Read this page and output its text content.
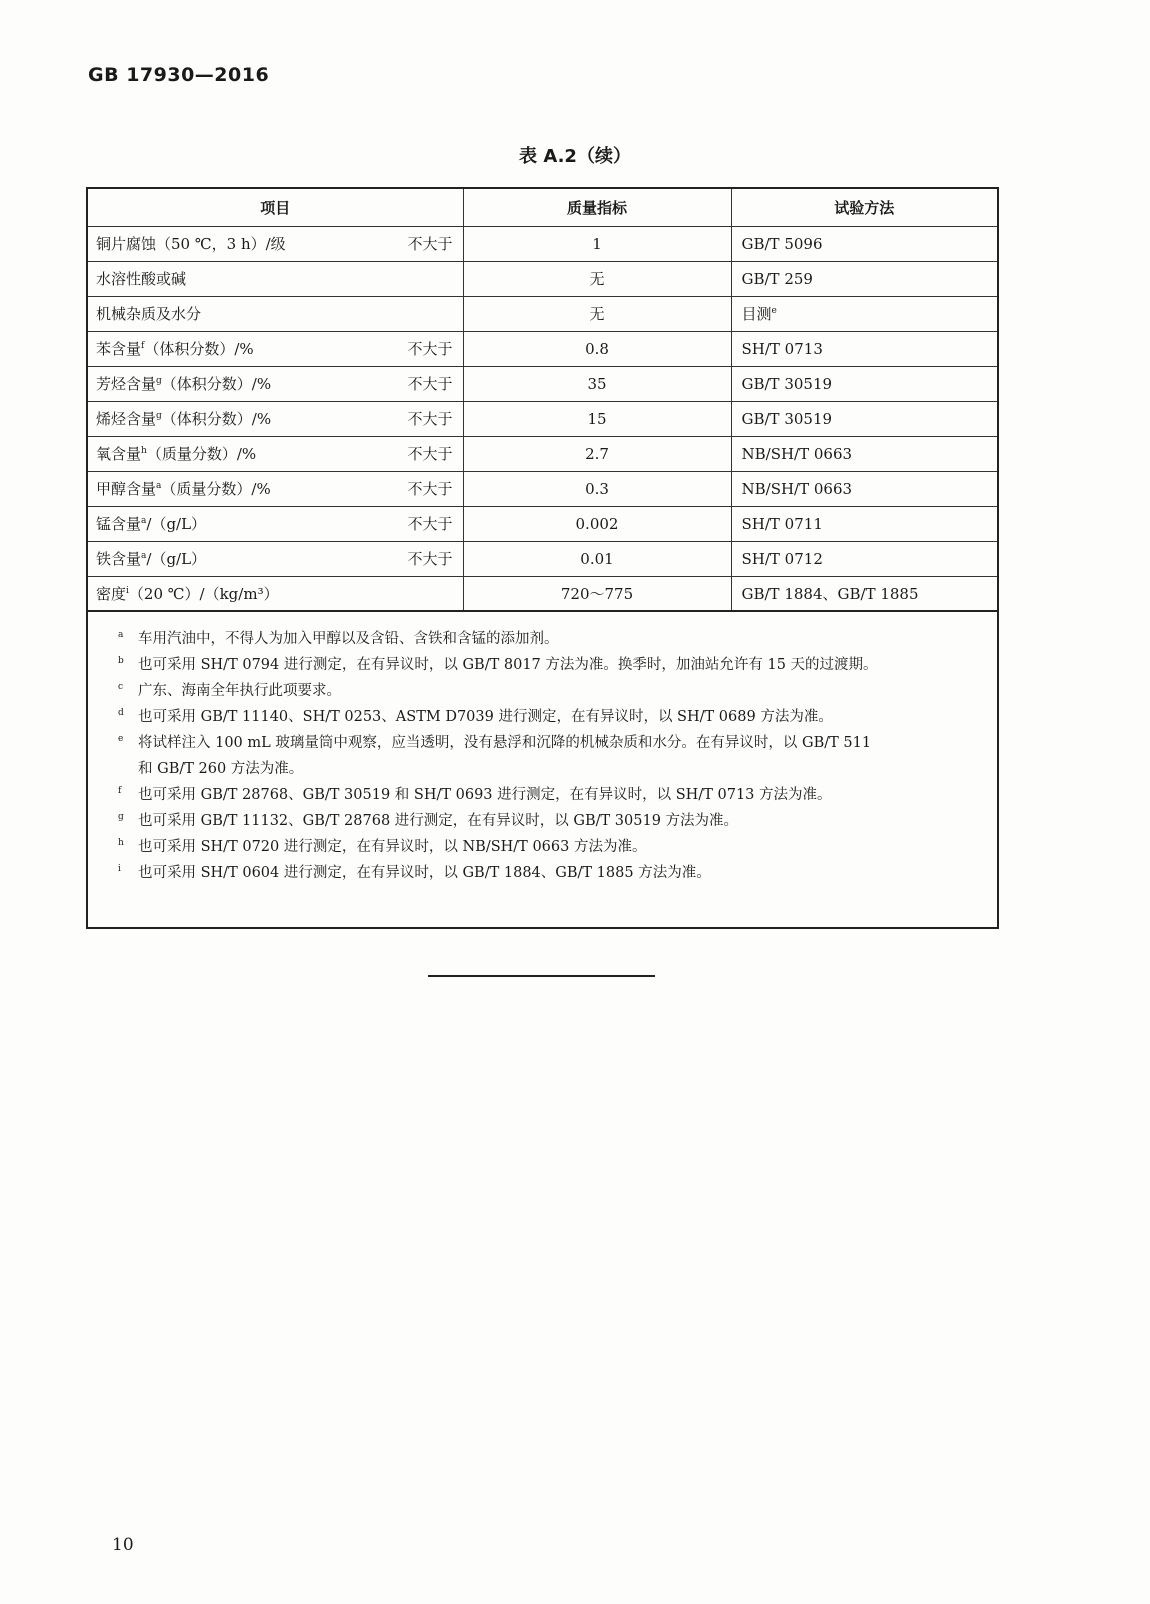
GB 17930—2016
表 A.2（续）
项目	质量指标	试验方法

铜片腐蚀（50 ℃，3 h）/级 不大于	1	GB/T 5096

水溶性酸或碱	无	GB/T 259

机械杂质及水分	无	目测$^e$

苯含量$^f$（体积分数）/% 不大于	0.8	SH/T 0713

芳烃含量$^g$（体积分数）/% 不大于	35	GB/T 30519

烯烃含量$^g$（体积分数）/% 不大于	15	GB/T 30519

氧含量$^h$（质量分数）/% 不大于	2.7	NB/SH/T 0663

甲醇含量$^a$（质量分数）/% 不大于	0.3	NB/SH/T 0663

锰含量$^a$/（g/L） 不大于	0.002	SH/T 0711

铁含量$^a$/（g/L） 不大于	0.01	SH/T 0712

密度$^i$（20 ℃）/（kg/m³）	720～775	GB/T 1884、GB/T 1885
a 车用汽油中，不得人为加入甲醇以及含铅、含铁和含锰的添加剂。
b 也可采用 SH/T 0794 进行测定，在有异议时，以 GB/T 8017 方法为准。换季时，加油站允许有 15 天的过渡期。
c 广东、海南全年执行此项要求。
d 也可采用 GB/T 11140、SH/T 0253、ASTM D7039 进行测定，在有异议时，以 SH/T 0689 方法为准。
e 将试样注入 100 mL 玻璃量筒中观察，应当透明，没有悬浮和沉降的机械杂质和水分。在有异议时，以 GB/T 511
和 GB/T 260 方法为准。
f 也可采用 GB/T 28768、GB/T 30519 和 SH/T 0693 进行测定，在有异议时，以 SH/T 0713 方法为准。
g 也可采用 GB/T 11132、GB/T 28768 进行测定，在有异议时，以 GB/T 30519 方法为准。
h 也可采用 SH/T 0720 进行测定，在有异议时，以 NB/SH/T 0663 方法为准。
i 也可采用 SH/T 0604 进行测定，在有异议时，以 GB/T 1884、GB/T 1885 方法为准。
10
